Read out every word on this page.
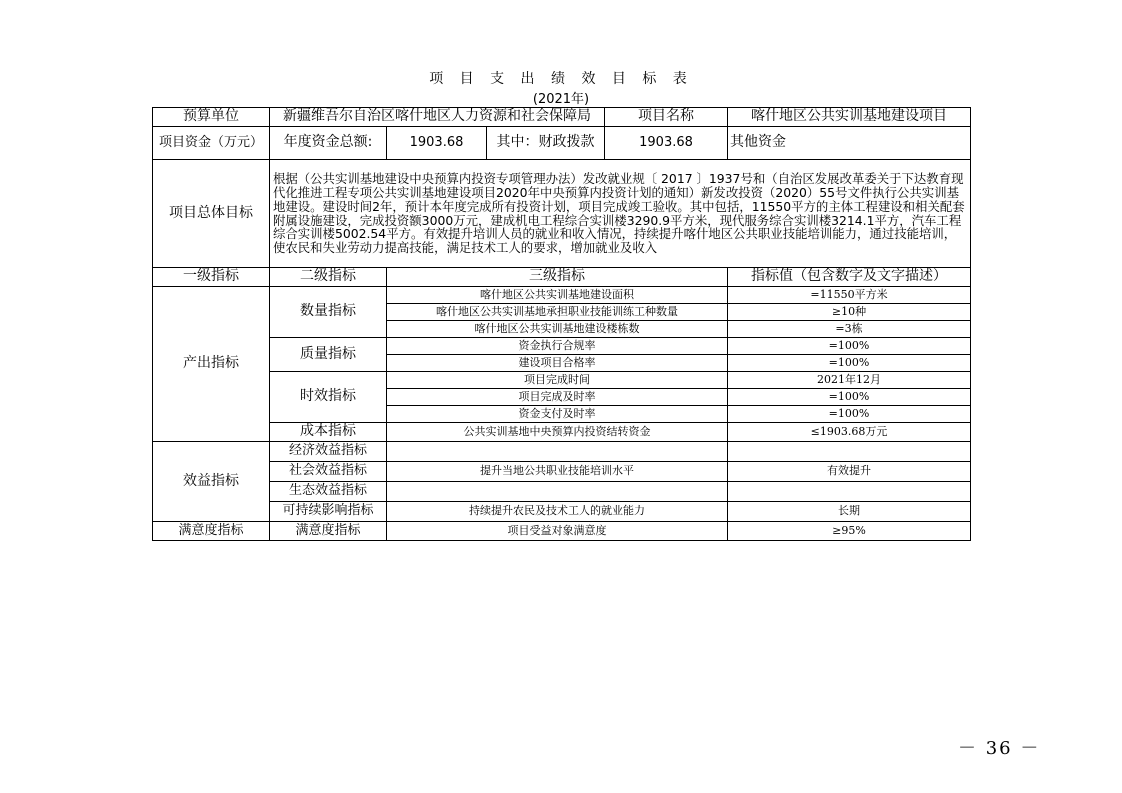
项 目 支 出 绩 效 目 标 表
(2021年)
预算单位	新疆维吾尔自治区喀什地区人力资源和社会保障局			项目名称	喀什地区公共实训基地建设项目
项目资金（万元）	年度资金总额:	1903.68	其中：财政拨款	1903.68	其他资金
项目总体目标	根据（公共实训基地建设中央预算内投资专项管理办法）发改就业规〔 2017 〕1937号和（自治区发展改革委关于下达教育现代化推进工程专项公共实训基地建设项目2020年中央预算内投资计划的通知）新发改投资（2020）55号文件执行公共实训基地建设。建设时间2年，预计本年度完成所有投资计划，项目完成竣工验收。其中包括，11550平方的主体工程建设和相关配套附属设施建设，完成投资额3000万元，建成机电工程综合实训楼3290.9平方米，现代服务综合实训楼3214.1平方，汽车工程综合实训楼5002.54平方。有效提升培训人员的就业和收入情况，持续提升喀什地区公共职业技能培训能力，通过技能培训，使农民和失业劳动力提高技能，满足技术工人的要求，增加就业及收入				
一级指标	二级指标	三级指标			指标值（包含数字及文字描述）
产出指标	数量指标	喀什地区公共实训基地建设面积			=11550平方米
		喀什地区公共实训基地承担职业技能训练工种数量			≥10种
		喀什地区公共实训基地建设楼栋数			=3栋
	质量指标	资金执行合规率			=100%
		建设项目合格率			=100%
	时效指标	项目完成时间			2021年12月
		项目完成及时率			=100%
		资金支付及时率			=100%
	成本指标	公共实训基地中央预算内投资结转资金			≤1903.68万元
效益指标	经济效益指标				
	社会效益指标	提升当地公共职业技能培训水平			有效提升
	生态效益指标				
	可持续影响指标	持续提升农民及技术工人的就业能力			长期
满意度指标	满意度指标	项目受益对象满意度			≥95%
－ 36 －
